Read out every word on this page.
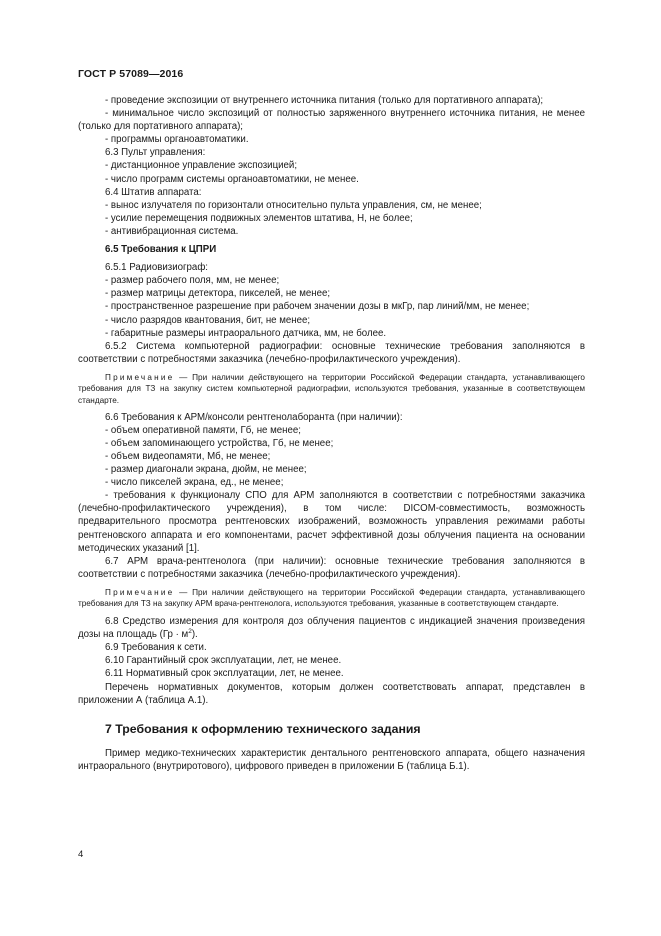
ГОСТ Р 57089—2016

- проведение экспозиции от внутреннего источника питания (только для портативного аппарата);

- минимальное число экспозиций от полностью заряженного внутреннего источника питания, не менее (только для портативного аппарата);

- программы органоавтоматики.

6.3 Пульт управления:

- дистанционное управление экспозицией;

- число программ системы органоавтоматики, не менее.

6.4 Штатив аппарата:

- вынос излучателя по горизонтали относительно пульта управления, см, не менее;

- усилие перемещения подвижных элементов штатива, Н, не более;

- антивибрационная система.

6.5 Требования к ЦПРИ

6.5.1 Радиовизиограф:

- размер рабочего поля, мм, не менее;

- размер матрицы детектора, пикселей, не менее;

- пространственное разрешение при рабочем значении дозы в мкГр, пар линий/мм, не менее;

- число разрядов квантования, бит, не менее;

- габаритные размеры интраорального датчика, мм, не более.

6.5.2 Система компьютерной радиографии: основные технические требования заполняются в соответствии с потребностями заказчика (лечебно-профилактического учреждения).

Примечание — При наличии действующего на территории Российской Федерации стандарта, устанавливающего требования для ТЗ на закупку систем компьютерной радиографии, используются требования, указанные в соответствующем стандарте.

6.6 Требования к АРМ/консоли рентгенолаборанта (при наличии):

- объем оперативной памяти, Гб, не менее;

- объем запоминающего устройства, Гб, не менее;

- объем видеопамяти, Мб, не менее;

- размер диагонали экрана, дюйм, не менее;

- число пикселей экрана, ед., не менее;

- требования к функционалу СПО для АРМ заполняются в соответствии с потребностями заказчика (лечебно-профилактического учреждения), в том числе: DICOM-совместимость, возможность предварительного просмотра рентгеновских изображений, возможность управления режимами работы рентгеновского аппарата и его компонентами, расчет эффективной дозы облучения пациента на основании методических указаний [1].

6.7 АРМ врача-рентгенолога (при наличии): основные технические требования заполняются в соответствии с потребностями заказчика (лечебно-профилактического учреждения).

Примечание — При наличии действующего на территории Российской Федерации стандарта, устанавливающего требования для ТЗ на закупку АРМ врача-рентгенолога, используются требования, указанные в соответствующем стандарте.

6.8 Средство измерения для контроля доз облучения пациентов с индикацией значения произведения дозы на площадь $(Гр \cdot м^2)$.

6.9 Требования к сети.

6.10 Гарантийный срок эксплуатации, лет, не менее.

6.11 Нормативный срок эксплуатации, лет, не менее.

Перечень нормативных документов, которым должен соответствовать аппарат, представлен в приложении А (таблица А.1).

7 Требования к оформлению технического задания

Пример медико-технических характеристик дентального рентгеновского аппарата, общего назначения интраорального (внутриротового), цифрового приведен в приложении Б (таблица Б.1).

4
